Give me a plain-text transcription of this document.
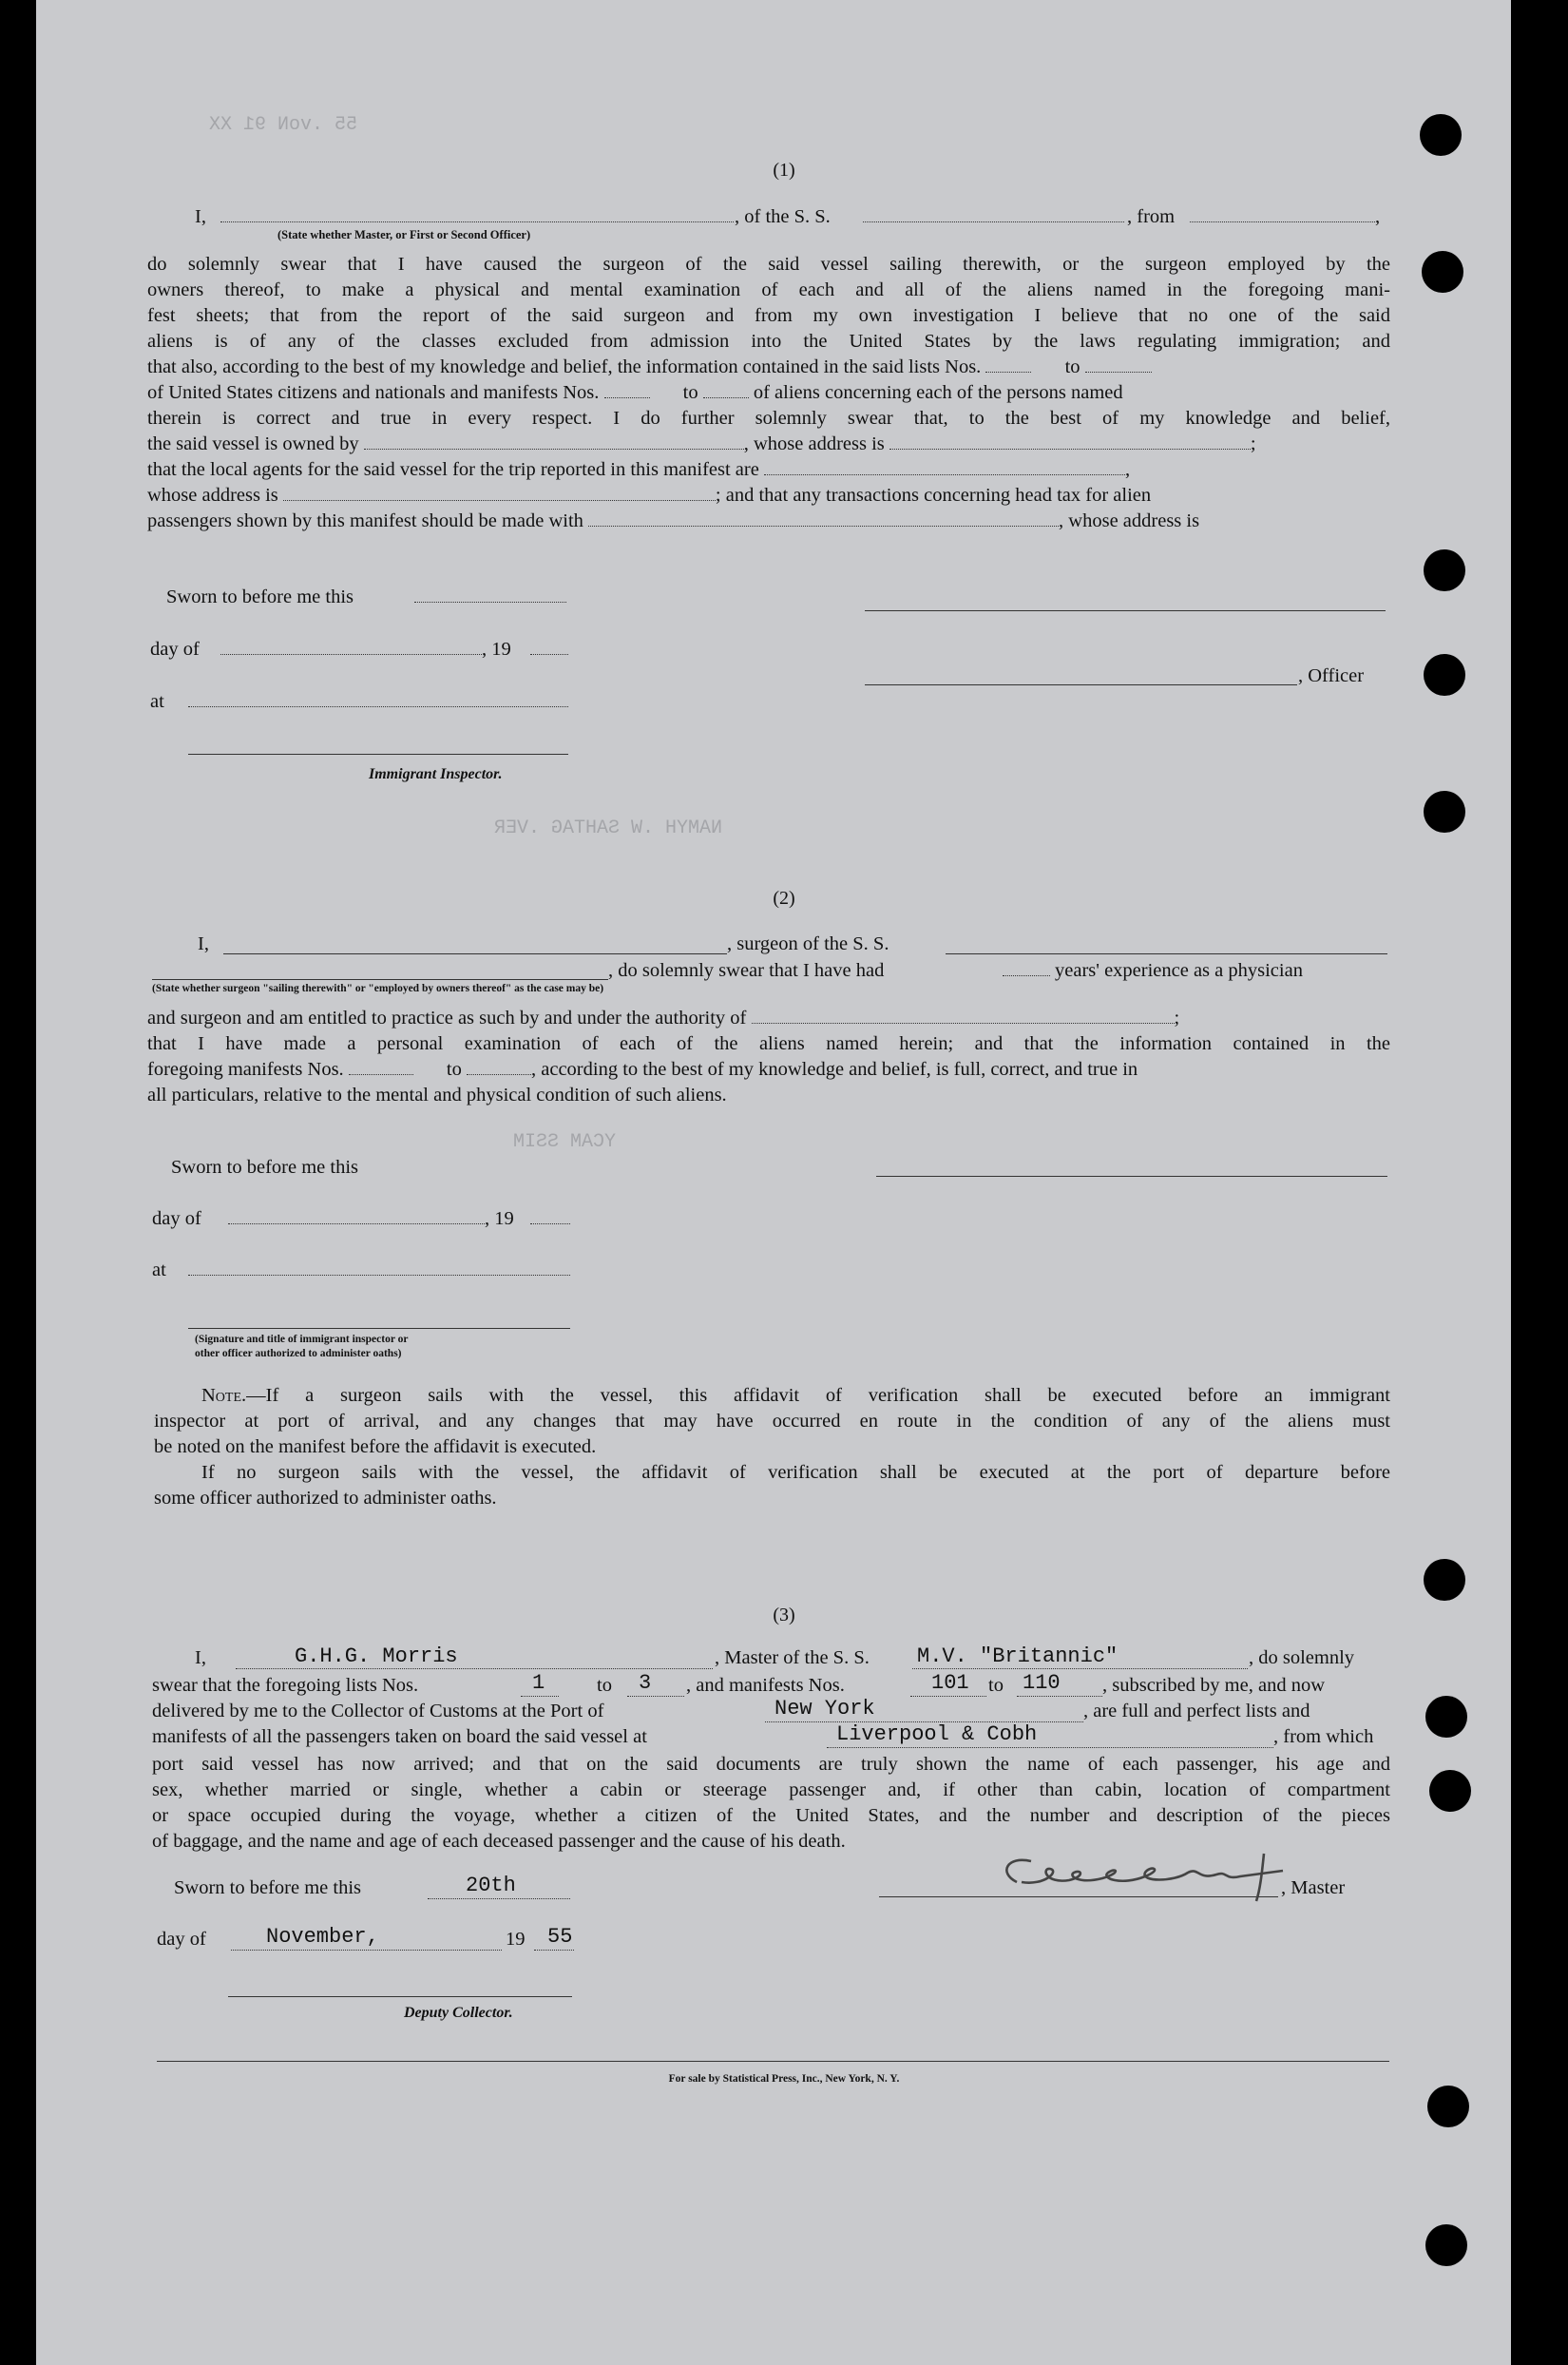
55 .voN 91 XX
NAMYH .W SAHTAG .VER
YCAM SSIM
(1)
I,	, of the S. S.	, from	,
(State whether Master, or First or Second Officer)
do solemnly swear that I have caused the surgeon of the said vessel sailing therewith, or the surgeon employed by the
owners thereof, to make a physical and mental examination of each and all of the aliens named in the foregoing mani-
fest sheets; that from the report of the said surgeon and from my own investigation I believe that no one of the said
aliens is of any of the classes excluded from admission into the United States by the laws regulating immigration; and
that also, according to the best of my knowledge and belief, the information contained in the said lists Nos.	to
of United States citizens and nationals and manifests Nos.	to	of aliens concerning each of the persons named
therein is correct and true in every respect. I do further solemnly swear that, to the best of my knowledge and belief,
the said vessel is owned by	, whose address is	;
that the local agents for the said vessel for the trip reported in this manifest are	,
whose address is	; and that any transactions concerning head tax for alien
passengers shown by this manifest should be made with	, whose address is
Sworn to before me this
day of	, 19
, Officer
at
Immigrant Inspector.
(2)
I,	, surgeon of the S. S.
, do solemnly swear that I have had	years' experience as a physician
(State whether surgeon "sailing therewith" or "employed by owners thereof" as the case may be)
and surgeon and am entitled to practice as such by and under the authority of	;
that I have made a personal examination of each of the aliens named herein; and that the information contained in the
foregoing manifests Nos.	to	, according to the best of my knowledge and belief, is full, correct, and true in
all particulars, relative to the mental and physical condition of such aliens.
Sworn to before me this
day of	, 19
at
(Signature and title of immigrant inspector or
other officer authorized to administer oaths)
Note.—If a surgeon sails with the vessel, this affidavit of verification shall be executed before an immigrant
inspector at port of arrival, and any changes that may have occurred en route in the condition of any of the aliens must
be noted on the manifest before the affidavit is executed.
If no surgeon sails with the vessel, the affidavit of verification shall be executed at the port of departure before
some officer authorized to administer oaths.
(3)
I,	G.H.G. Morris	, Master of the S. S. M.V. "Britannic"	, do solemnly
swear that the foregoing lists Nos.	1	to 3 , and manifests Nos.	101 to 110 , subscribed by me, and now
delivered by me to the Collector of Customs at the Port of	New York	, are full and perfect lists and
manifests of all the passengers taken on board the said vessel at	Liverpool & Cobh	, from which
port said vessel has now arrived; and that on the said documents are truly shown the name of each passenger, his age and
sex, whether married or single, whether a cabin or steerage passenger and, if other than cabin, location of compartment
or space occupied during the voyage, whether a citizen of the United States, and the number and description of the pieces
of baggage, and the name and age of each deceased passenger and the cause of his death.
Sworn to before me this	20th	, Master
day of	November,	19 55
Deputy Collector.
For sale by Statistical Press, Inc., New York, N. Y.
